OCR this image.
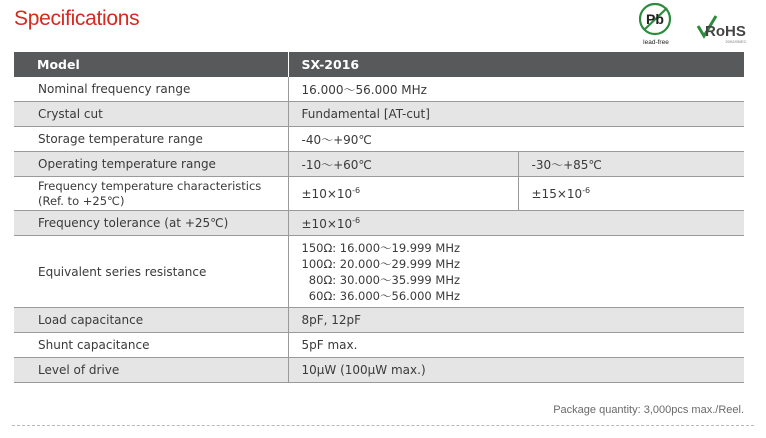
Specifications	Pb
lead-free
RoHS
2002/95/EC
Model	SX-2016	
Nominal frequency range	16.000～56.000 MHz	
Crystal cut	Fundamental [AT-cut]	
Storage temperature range	-40～+90℃	
Operating temperature range	-10～+60℃	-30～+85℃
Frequency temperature characteristics
(Ref. to +25℃)	$\pm 10\times 10^{-6}$	$\pm 15\times 10^{-6}$
Frequency tolerance (at +25℃)	$\pm 10\times 10^{-6}$
Equivalent series resistance	150Ω: 16.000～19.999 MHz
100Ω: 20.000～29.999 MHz
80Ω: 30.000～35.999 MHz
60Ω: 36.000～56.000 MHz	

Load capacitance	8pF, 12pF	
Shunt capacitance	5pF max.	
Level of drive	10μW (100μW max.)	
Package quantity: 3,000pcs max./Reel.
